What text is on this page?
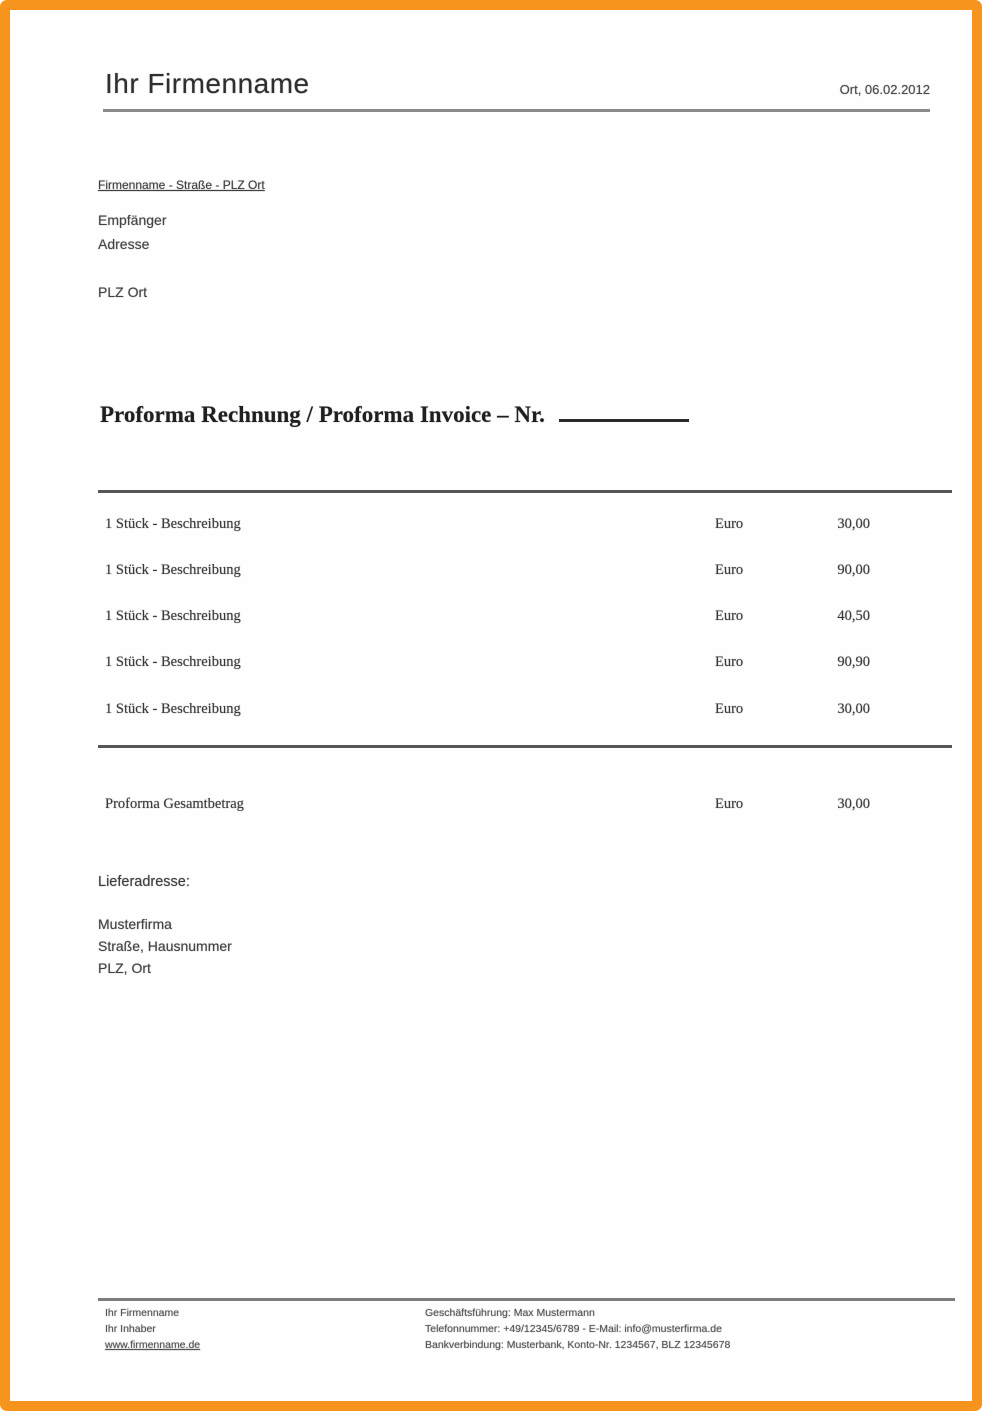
Ihr Firmenname	Ort, 06.02.2012
Firmenname - Straße - PLZ Ort
Empfänger
Adresse
PLZ Ort
Proforma Rechnung / Proforma Invoice – Nr.
1 Stück - Beschreibung	Euro	30,00
1 Stück - Beschreibung	Euro	90,00
1 Stück - Beschreibung	Euro	40,50
1 Stück - Beschreibung	Euro	90,90
1 Stück - Beschreibung	Euro	30,00
Proforma Gesamtbetrag	Euro	30,00
Lieferadresse:
Musterfirma
Straße, Hausnummer
PLZ, Ort
Ihr Firmenname
Ihr Inhaber
www.firmenname.de
Geschäftsführung: Max Mustermann
Telefonnummer: +49/12345/6789 - E-Mail: info@musterfirma.de
Bankverbindung: Musterbank, Konto-Nr. 1234567, BLZ 12345678
